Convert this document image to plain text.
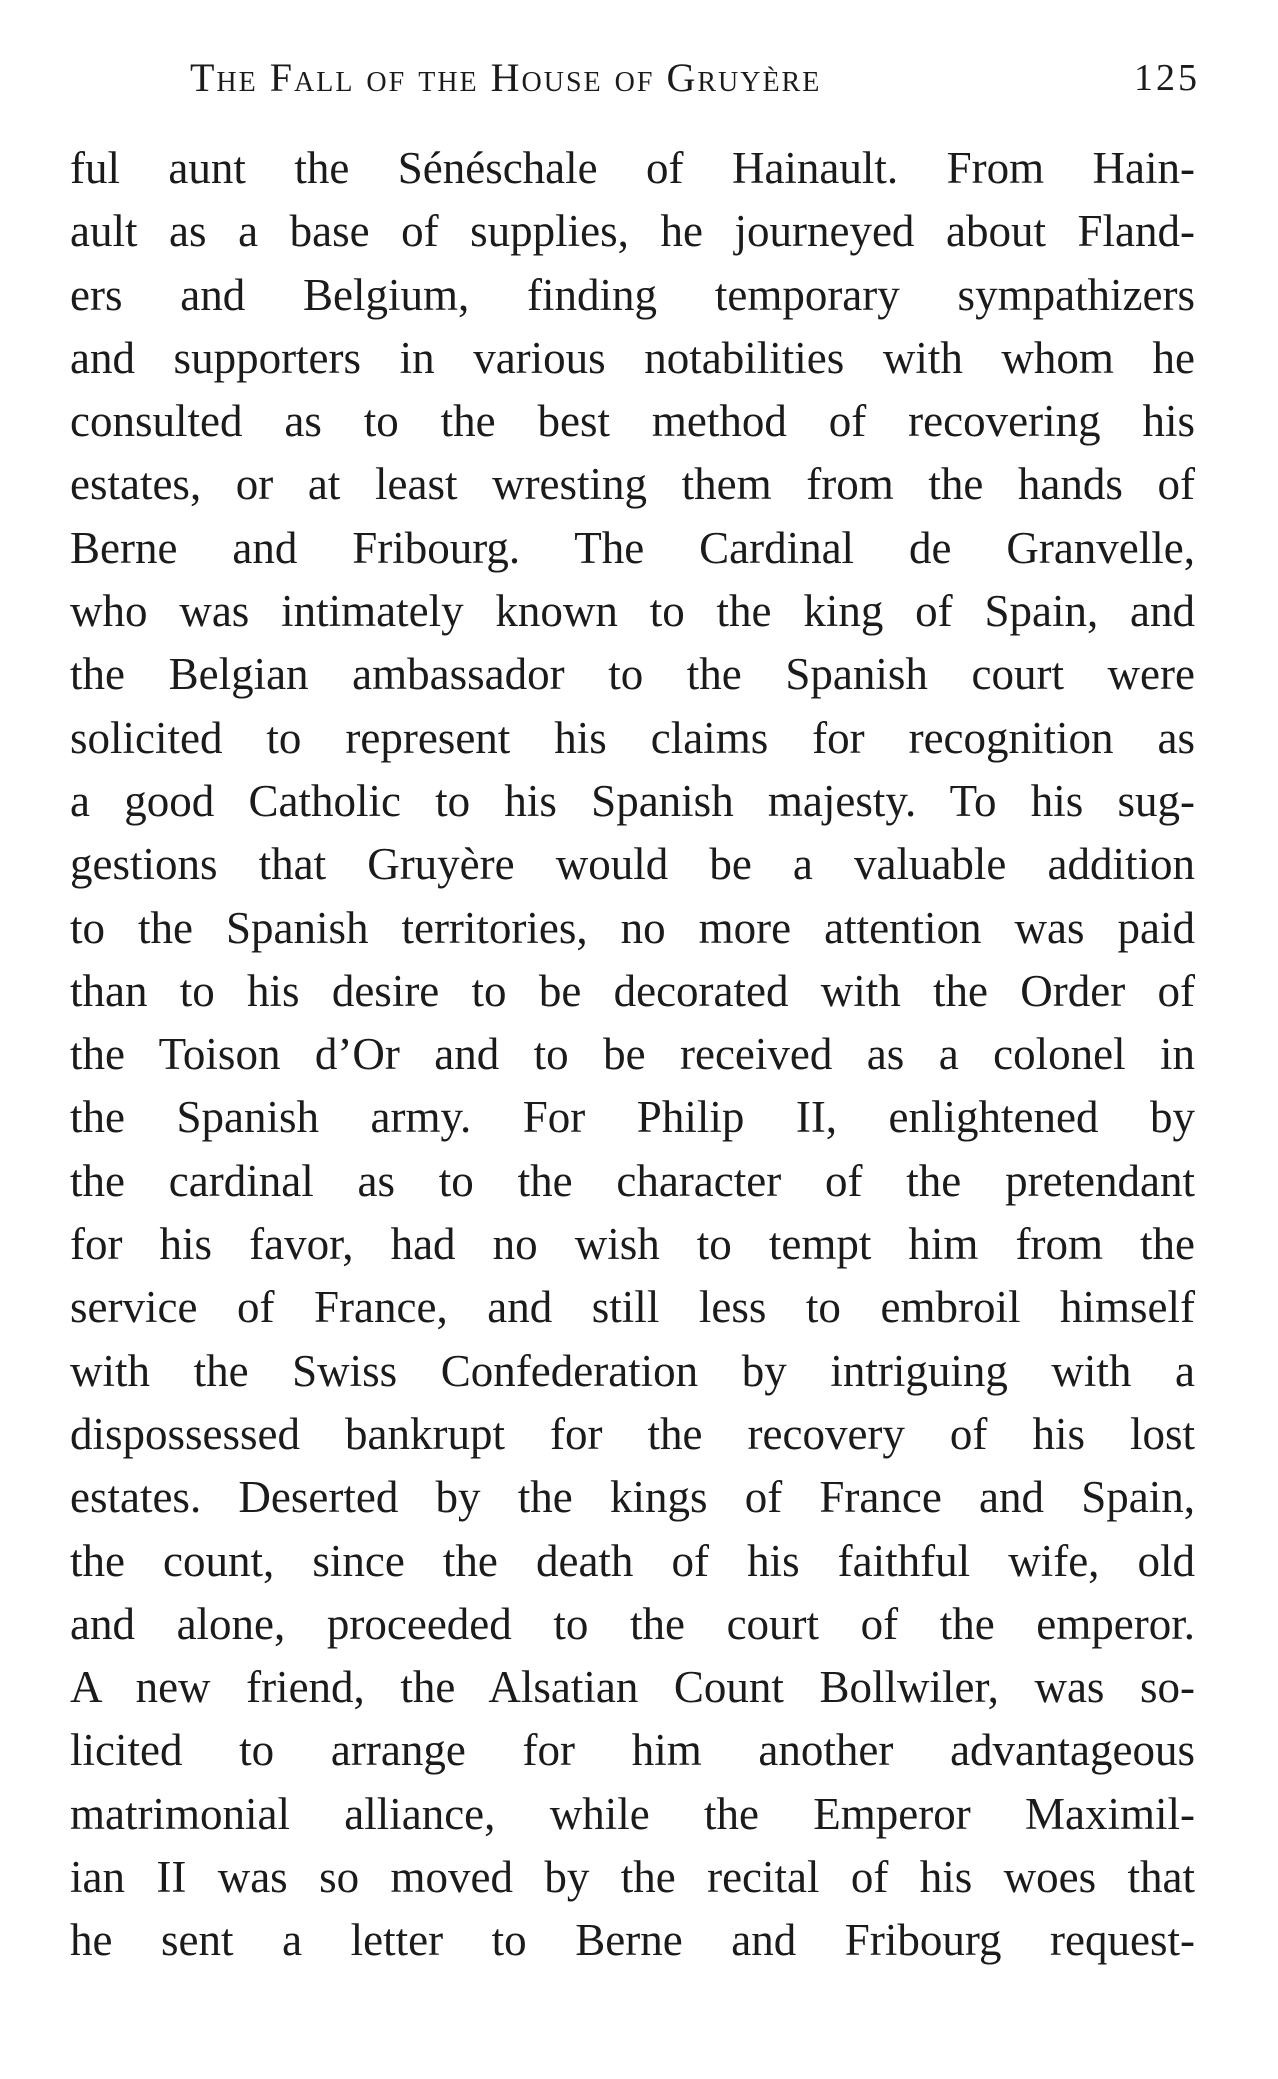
The Fall of the House of Gruyère	125
ful aunt the Sénéschale of Hainault. From Hain-
ault as a base of supplies, he journeyed about Fland-
ers and Belgium, finding temporary sympathizers
and supporters in various notabilities with whom he
consulted as to the best method of recovering his
estates, or at least wresting them from the hands of
Berne and Fribourg. The Cardinal de Granvelle,
who was intimately known to the king of Spain, and
the Belgian ambassador to the Spanish court were
solicited to represent his claims for recognition as
a good Catholic to his Spanish majesty. To his sug-
gestions that Gruyère would be a valuable addition
to the Spanish territories, no more attention was paid
than to his desire to be decorated with the Order of
the Toison d’Or and to be received as a colonel in
the Spanish army. For Philip II, enlightened by
the cardinal as to the character of the pretendant
for his favor, had no wish to tempt him from the
service of France, and still less to embroil himself
with the Swiss Confederation by intriguing with a
dispossessed bankrupt for the recovery of his lost
estates. Deserted by the kings of France and Spain,
the count, since the death of his faithful wife, old
and alone, proceeded to the court of the emperor.
A new friend, the Alsatian Count Bollwiler, was so-
licited to arrange for him another advantageous
matrimonial alliance, while the Emperor Maximil-
ian II was so moved by the recital of his woes that
he sent a letter to Berne and Fribourg request-
